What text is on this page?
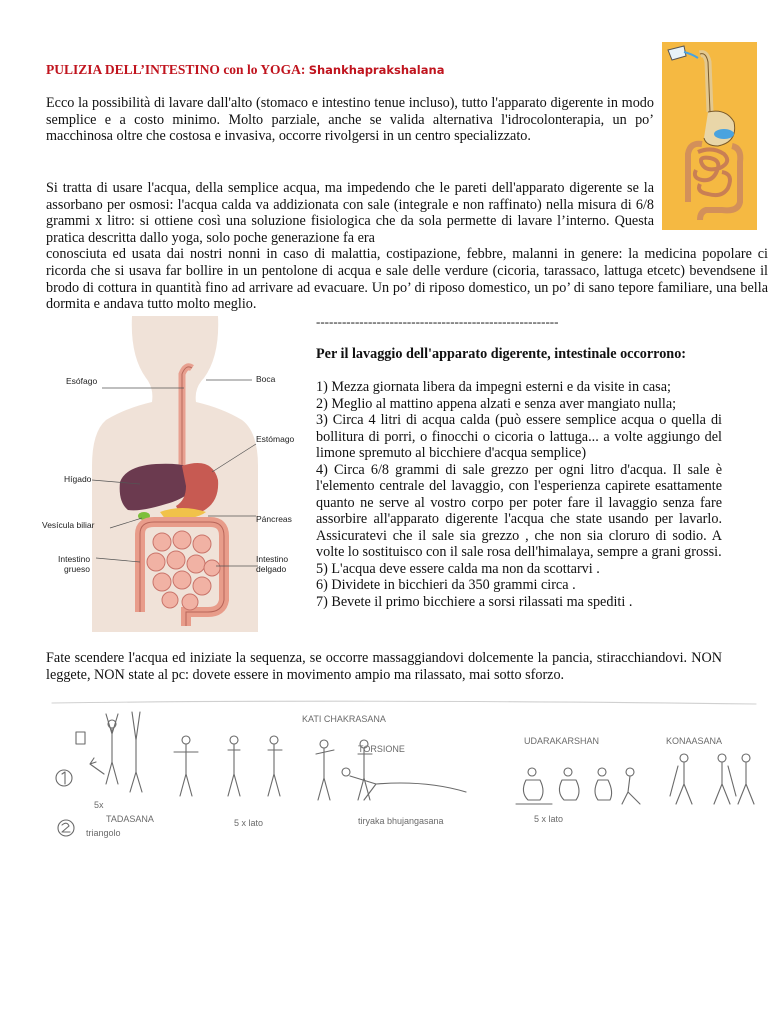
PULIZIA DELL’INTESTINO con lo YOGA: Shankhaprakshalana
Ecco la possibilità di lavare dall'alto (stomaco e intestino tenue incluso), tutto l'apparato digerente in modo semplice e a costo minimo. Molto parziale, anche se valida alternativa l'idrocolonterapia, un po’ macchinosa oltre che costosa e invasiva, occorre rivolgersi in un centro specializzato.
Si tratta di usare l'acqua, della semplice acqua, ma impedendo che le pareti dell'apparato digerente se la assorbano per osmosi: l'acqua calda va addizionata con sale (integrale e non raffinato) nella misura di 6/8 grammi x litro: si ottiene così una soluzione fisiologica che da sola permette di lavare l’interno. Questa pratica descritta dallo yoga, solo poche generazione fa era
conosciuta ed usata dai nostri nonni in caso di malattia, costipazione, febbre, malanni in genere: la medicina popolare ci ricorda che si usava far bollire in un pentolone di acqua e sale delle verdure (cicoria, tarassaco, lattuga etcetc) bevendsene il brodo di cottura in quantità fino ad arrivare ad evacuare. Un po’ di riposo domestico, un po’ di sano tepore familiare, una bella dormita e andava tutto molto meglio.
Esófago	Boca
Estómago
Hígado
Páncreas
Vesícula biliar
Intestino
grueso
Intestino
delgado
--------------------------------------------------------
Per il lavaggio dell'apparato digerente, intestinale occorrono:
1) Mezza giornata libera da impegni esterni e da visite in casa;
2) Meglio al mattino appena alzati e senza aver mangiato nulla;
3) Circa 4 litri di acqua calda (può essere semplice acqua o quella di bollitura di porri, o finocchi o cicoria o lattuga... a volte aggiungo del limone spremuto al bicchiere d'acqua semplice)
4) Circa 6/8 grammi di sale grezzo per ogni litro d'acqua. Il sale è l'elemento centrale del lavaggio, con l'esperienza capirete esattamente quanto ne serve al vostro corpo per poter fare il lavaggio senza fare assorbire all'apparato digerente l'acqua che state usando per lavarlo. Assicuratevi che il sale sia grezzo , che non sia cloruro di sodio. A volte lo sostituisco con il sale rosa dell'himalaya, sempre a grani grossi.
5) L'acqua deve essere calda ma non da scottarvi .
6) Dividete in bicchieri da 350 grammi circa .
7) Bevete il primo bicchiere a sorsi rilassati ma spediti .
Fate scendere l'acqua ed iniziate la sequenza, se occorre massaggiandovi dolcemente la pancia, stiracchiandovi. NON leggete, NON state al pc: dovete essere in movimento ampio ma rilassato, mai sotto sforzo.
TADASANA
triangolo
5x
5 x lato	tiryaka bhujangasana	5 x lato
UDARAKARSHAN
KATI CHAKRASANA
TORSIONE
KONAASANA
